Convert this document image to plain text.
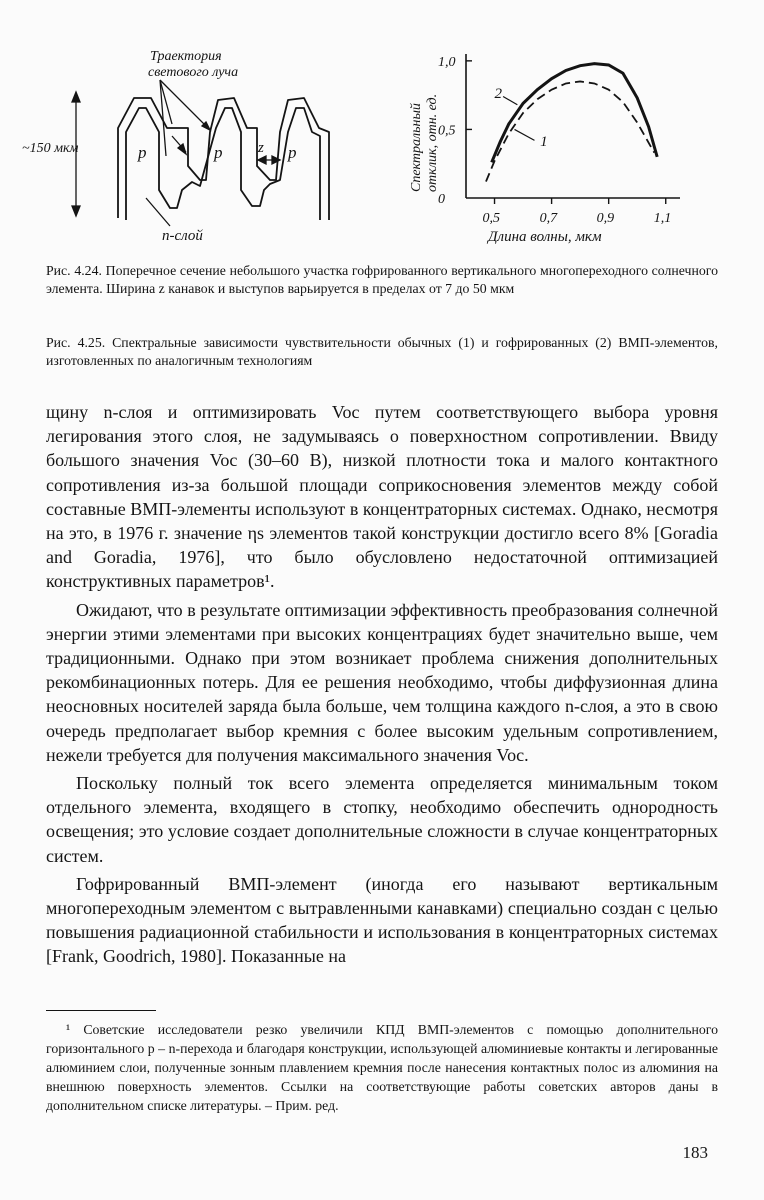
Траектория
светового луча
~150 мкм	p	p	p
z
n-слой
0,5	0,7	0,9	1,1
0
0,5
1,0
1
2
Спектральный отклик, отн. ед.
Длина волны, мкм

Рис. 4.24. Поперечное сечение небольшого участка гофрированного вертикального многопереходного солнечного элемента. Ширина z канавок и выступов варьируется в пределах от 7 до 50 мкм

Рис. 4.25. Спектральные зависимости чувствительности обычных (1) и гофрированных (2) ВМП-элементов, изготовленных по аналогичным технологиям

щину n-слоя и оптимизировать Voc путем соответствующего выбора уровня легирования этого слоя, не задумываясь о поверхностном сопротивлении. Ввиду большого значения Voc (30–60 В), низкой плотности тока и малого контактного сопротивления из-за большой площади соприкосновения элементов между собой составные ВМП-элементы используют в концентраторных системах. Однако, несмотря на это, в 1976 г. значение ηs элементов такой конструкции достигло всего 8% [Goradia and Goradia, 1976], что было обусловлено недостаточной оптимизацией конструктивных параметров¹.

Ожидают, что в результате оптимизации эффективность преобразования солнечной энергии этими элементами при высоких концентрациях будет значительно выше, чем традиционными. Однако при этом возникает проблема снижения дополнительных рекомбинационных потерь. Для ее решения необходимо, чтобы диффузионная длина неосновных носителей заряда была больше, чем толщина каждого n-слоя, а это в свою очередь предполагает выбор кремния с более высоким удельным сопротивлением, нежели требуется для получения максимального значения Voc.

Поскольку полный ток всего элемента определяется минимальным током отдельного элемента, входящего в стопку, необходимо обеспечить однородность освещения; это условие создает дополнительные сложности в случае концентраторных систем.

Гофрированный ВМП-элемент (иногда его называют вертикальным многопереходным элементом с вытравленными канавками) специально создан с целью повышения радиационной стабильности и использования в концентраторных системах [Frank, Goodrich, 1980]. Показанные на

¹ Советские исследователи резко увеличили КПД ВМП-элементов с помощью дополнительного горизонтального p – n-перехода и благодаря конструкции, использующей алюминиевые контакты и легированные алюминием слои, полученные зонным плавлением кремния после нанесения контактных полос из алюминия на внешнюю поверхность элементов. Ссылки на соответствующие работы советских авторов даны в дополнительном списке литературы. – Прим. ред.

183
